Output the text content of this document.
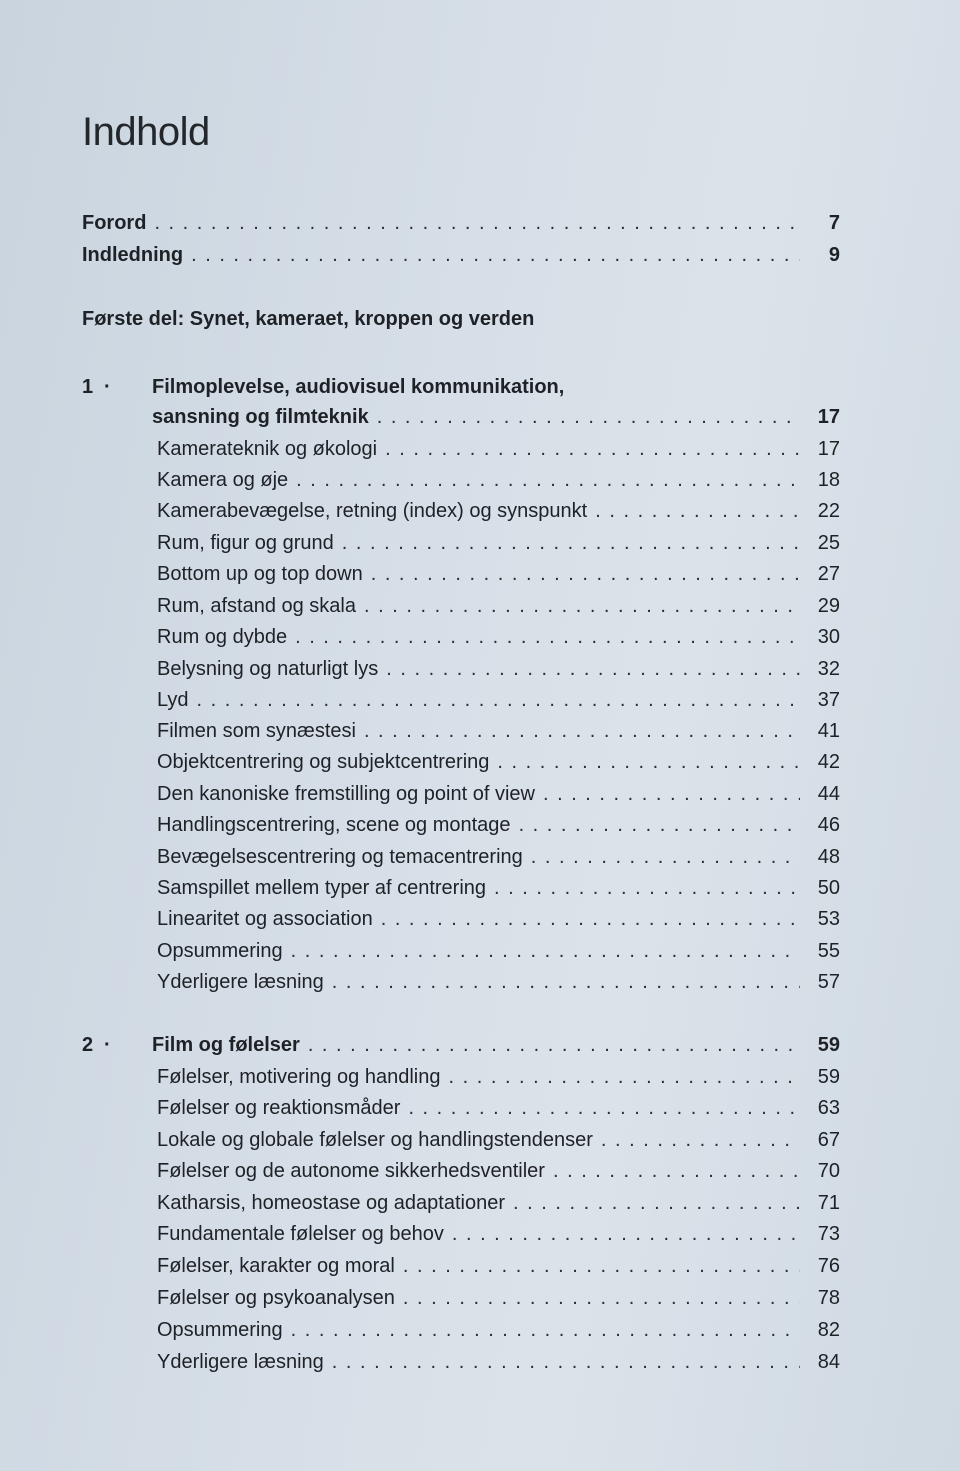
Indhold
Forord . . .	7
Indledning . . .	9
Første del: Synet, kameraet, kroppen og verden
1 ·	Filmoplevelse, audiovisuel kommunikation,
sansning og filmteknik . . .	17
Kamerateknik og økologi . . .	17
Kamera og øje . . .	18
Kamerabevægelse, retning (index) og synspunkt . . .	22
Rum, figur og grund . . .	25
Bottom up og top down . . .	27
Rum, afstand og skala . . .	29
Rum og dybde . . .	30
Belysning og naturligt lys . . .	32
Lyd . . .	37
Filmen som synæstesi . . .	41
Objektcentrering og subjektcentrering . . .	42
Den kanoniske fremstilling og point of view . . .	44
Handlingscentrering, scene og montage . . .	46
Bevægelsescentrering og temacentrering . . .	48
Samspillet mellem typer af centrering . . .	50
Linearitet og association . . .	53
Opsummering . . .	55
Yderligere læsning . . .	57
2 ·	Film og følelser . . .	59
Følelser, motivering og handling . . .	59
Følelser og reaktionsmåder . . .	63
Lokale og globale følelser og handlingstendenser . . .	67
Følelser og de autonome sikkerhedsventiler . . .	70
Katharsis, homeostase og adaptationer . . .	71
Fundamentale følelser og behov . . .	73
Følelser, karakter og moral . . .	76
Følelser og psykoanalysen . . .	78
Opsummering . . .	82
Yderligere læsning . . .	84
